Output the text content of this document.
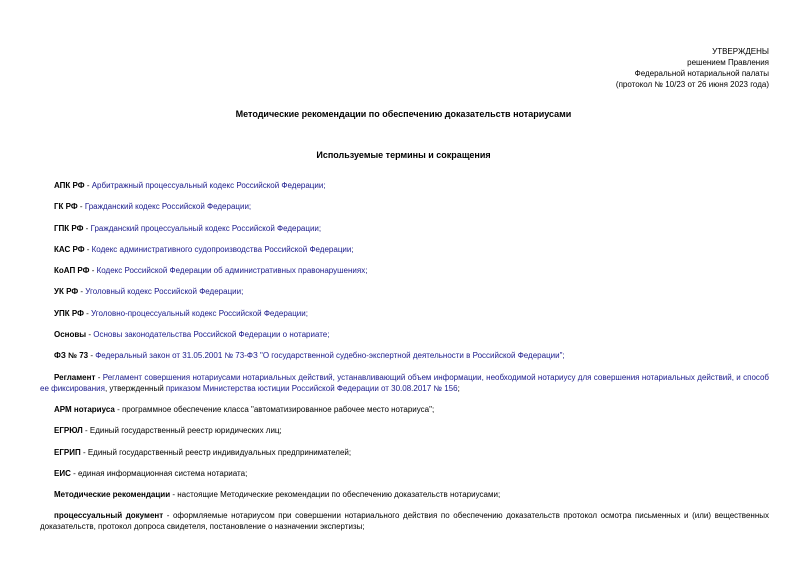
УТВЕРЖДЕНЫ
решением Правления
Федеральной нотариальной палаты
(протокол № 10/23 от 26 июня 2023 года)
Методические рекомендации по обеспечению доказательств нотариусами
Используемые термины и сокращения

АПК РФ - Арбитражный процессуальный кодекс Российской Федерации;

ГК РФ - Гражданский кодекс Российской Федерации;

ГПК РФ - Гражданский процессуальный кодекс Российской Федерации;

КАС РФ - Кодекс административного судопроизводства Российской Федерации;

КоАП РФ - Кодекс Российской Федерации об административных правонарушениях;

УК РФ - Уголовный кодекс Российской Федерации;

УПК РФ - Уголовно-процессуальный кодекс Российской Федерации;

Основы - Основы законодательства Российской Федерации о нотариате;

ФЗ № 73 - Федеральный закон от 31.05.2001 № 73-ФЗ "О государственной судебно-экспертной деятельности в Российской Федерации";

Регламент - Регламент совершения нотариусами нотариальных действий, устанавливающий объем информации, необходимой нотариусу для совершения нотариальных действий, и способ ее фиксирования, утвержденный приказом Министерства юстиции Российской Федерации от 30.08.2017 № 156;

АРМ нотариуса - программное обеспечение класса "автоматизированное рабочее место нотариуса";

ЕГРЮЛ - Единый государственный реестр юридических лиц;

ЕГРИП - Единый государственный реестр индивидуальных предпринимателей;

ЕИС - единая информационная система нотариата;

Методические рекомендации - настоящие Методические рекомендации по обеспечению доказательств нотариусами;

процессуальный документ - оформляемые нотариусом при совершении нотариального действия по обеспечению доказательств протокол осмотра письменных и (или) вещественных доказательств, протокол допроса свидетеля, постановление о назначении экспертизы;
